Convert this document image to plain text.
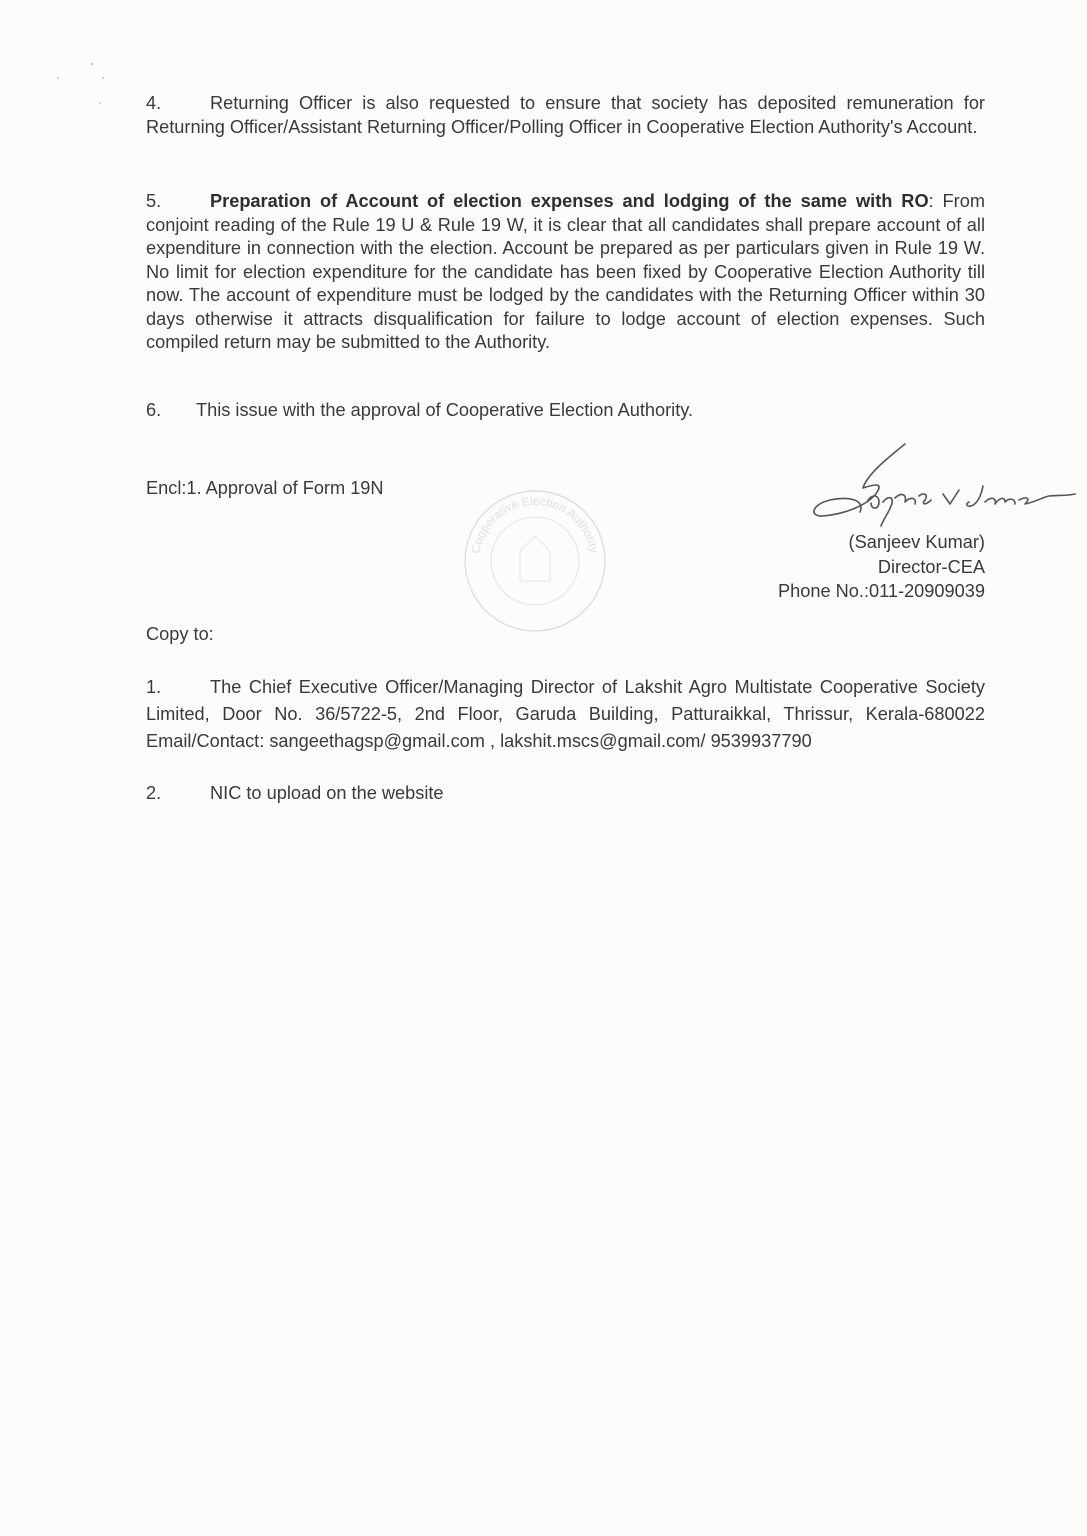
4.	Returning Officer is also requested to ensure that society has deposited remuneration for Returning Officer/Assistant Returning Officer/Polling Officer in Cooperative Election Authority's Account.
5.	Preparation of Account of election expenses and lodging of the same with RO: From conjoint reading of the Rule 19 U & Rule 19 W, it is clear that all candidates shall prepare account of all expenditure in connection with the election. Account be prepared as per particulars given in Rule 19 W. No limit for election expenditure for the candidate has been fixed by Cooperative Election Authority till now. The account of expenditure must be lodged by the candidates with the Returning Officer within 30 days otherwise it attracts disqualification for failure to lodge account of election expenses. Such compiled return may be submitted to the Authority.
6. This issue with the approval of Cooperative Election Authority.
Encl:1. Approval of Form 19N
Cooperative Election Authority	(Sanjeev Kumar)
Director-CEA
Phone No.:011-20909039
Copy to:
1.	The Chief Executive Officer/Managing Director of Lakshit Agro Multistate Cooperative Society Limited, Door No. 36/5722-5, 2nd Floor, Garuda Building, Patturaikkal, Thrissur, Kerala-680022 Email/Contact: sangeethagsp@gmail.com , lakshit.mscs@gmail.com/ 9539937790
2.	NIC to upload on the website
